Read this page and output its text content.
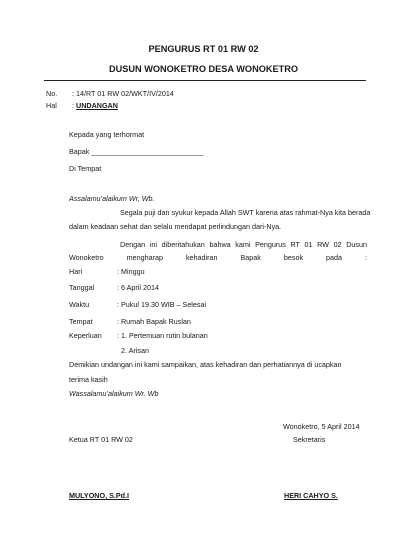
PENGURUS RT 01 RW 02
DUSUN WONOKETRO DESA WONOKETRO
No. : 14/RT 01 RW 02/WKT/IV/2014
Hal : UNDANGAN
Kepada yang terhormat
Bapak ____________________________
Di Tempat
Assalamu’alaikum Wr, Wb.
Segala puji dan syukur kepada Allah SWT karena atas rahmat-Nya kita berada
dalam keadaan sehat dan selalu mendapat perlindungan dari-Nya.
Dengan ini diberitahukan bahwa kami Pengurus RT 01 RW 02 Dusun
Wonoketro mengharap kehadiran Bapak besok pada :
Hari	: Minggu
Tanggal	: 6 April 2014
Waktu	: Pukul 19.30 WIB – Selesai
Tempat	: Rumah Bapak Ruslan
Keperluan : 1. Pertemuan rutin bulanan
2. Arisan
Demikian undangan ini kami sampaikan, atas kehadiran dan perhatiannya di ucapkan
terima kasih
Wassalamu’alaikum Wr. Wb
Wonoketro, 5 April 2014
Ketua RT 01 RW 02	Sekretaris
MULYONO, S.Pd.I	HERI CAHYO S.
